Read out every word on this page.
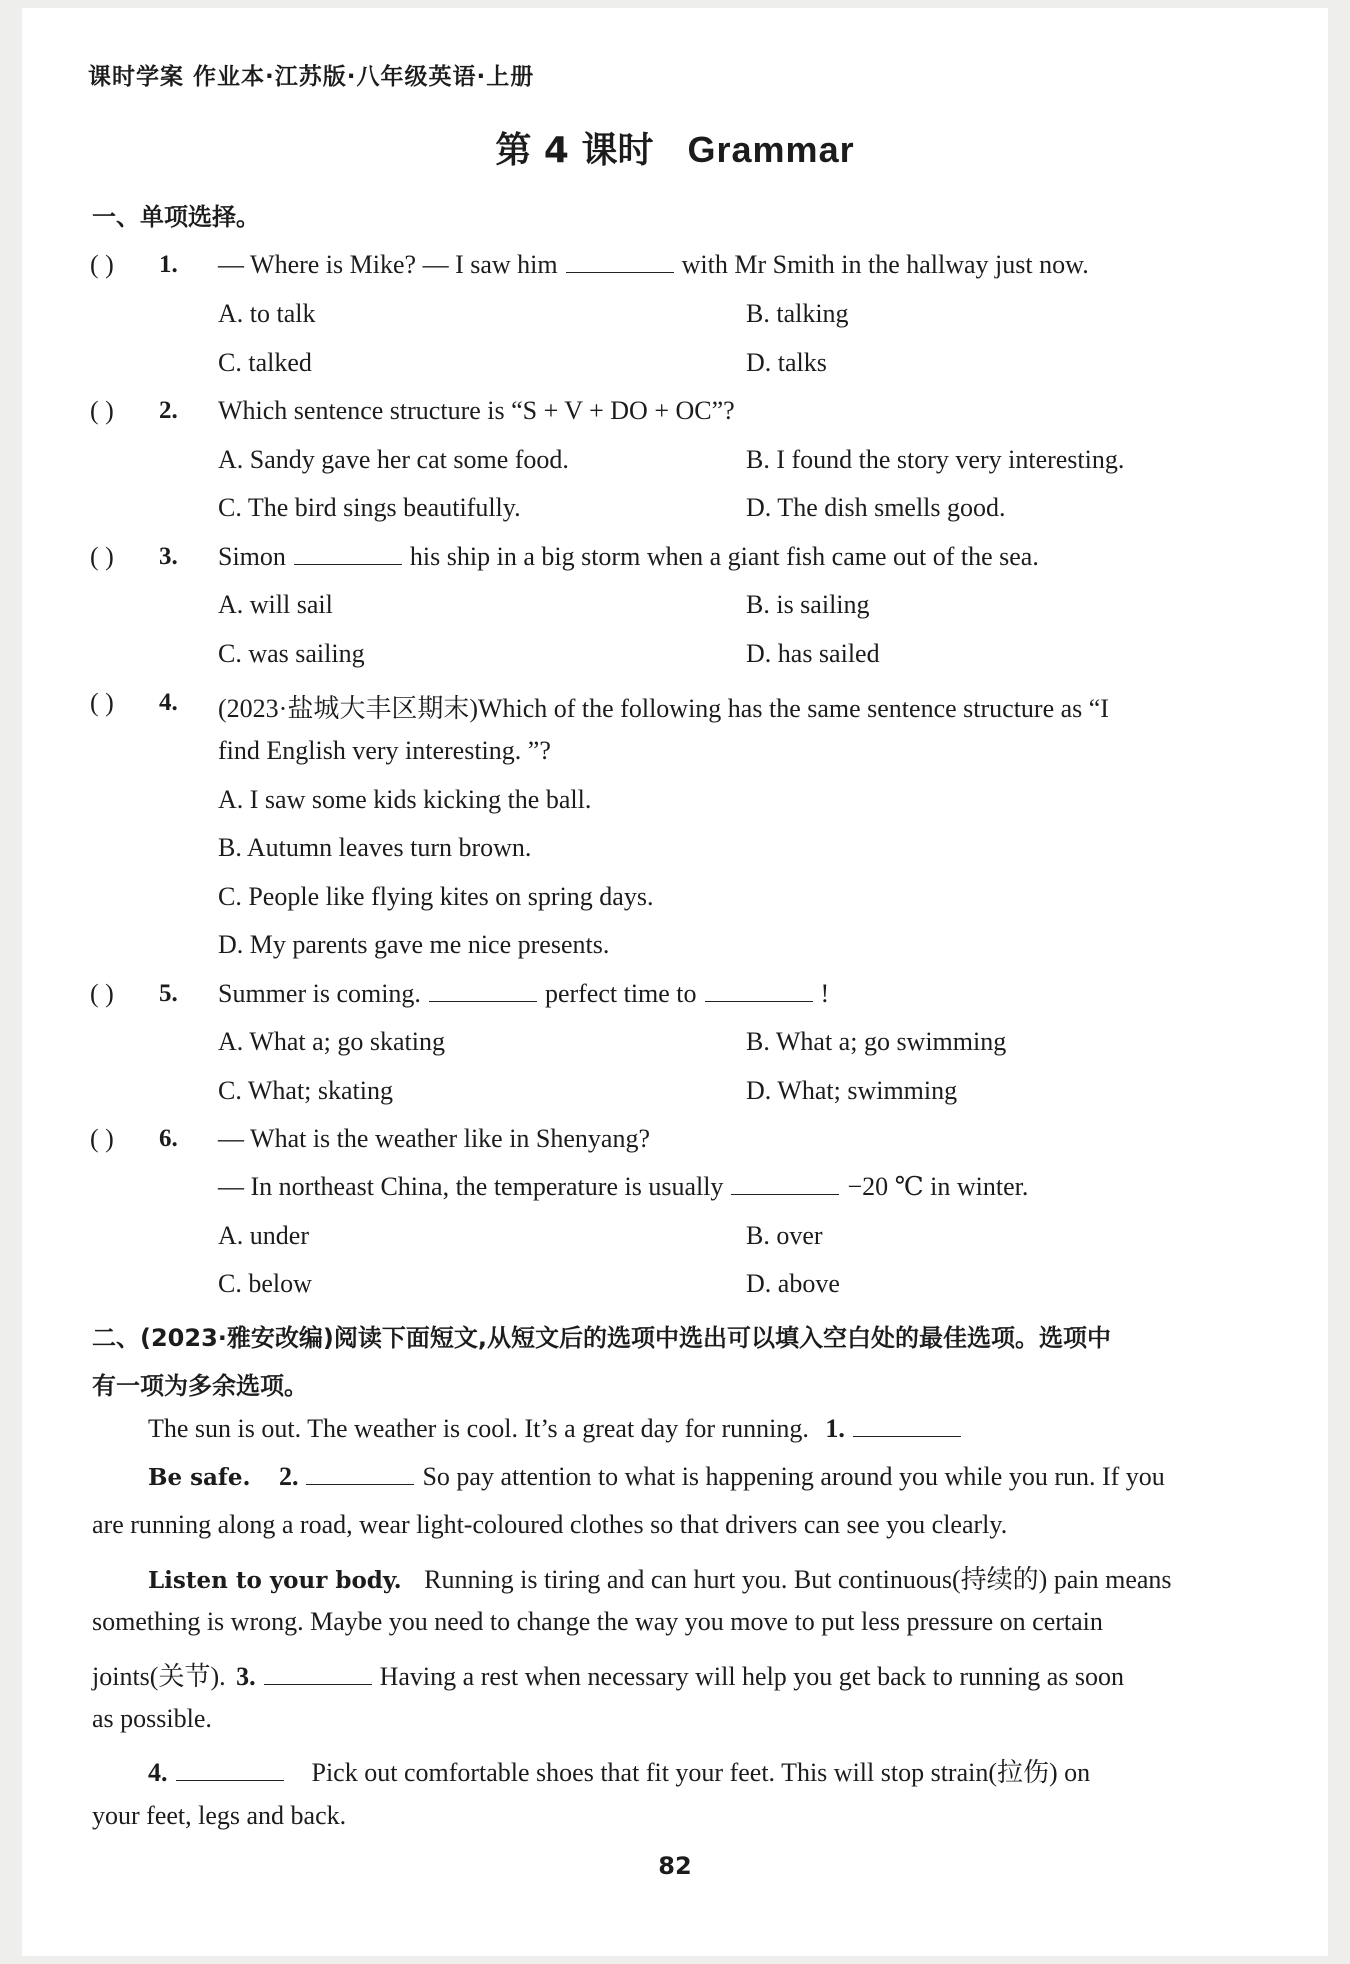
课时学案 作业本·江苏版·八年级英语·上册
第 4 课时 Grammar
一、单项选择。
( ) 1. — Where is Mike? — I saw him	with Mr Smith in the hallway just now.
A. to talk	B. talking
C. talked	D. talks
( ) 2. Which sentence structure is “S + V + DO + OC”?
A. Sandy gave her cat some food.	B. I found the story very interesting.
C. The bird sings beautifully.	D. The dish smells good.
( ) 3. Simon	his ship in a big storm when a giant fish came out of the sea.
A. will sail	B. is sailing
C. was sailing	D. has sailed
( ) 4. (2023·盐城大丰区期末)Which of the following has the same sentence structure as “I
find English very interesting. ”?
A. I saw some kids kicking the ball.
B. Autumn leaves turn brown.
C. People like flying kites on spring days.
D. My parents gave me nice presents.
( ) 5. Summer is coming.	perfect time to	!
A. What a; go skating	B. What a; go swimming
C. What; skating	D. What; swimming
( ) 6. — What is the weather like in Shenyang?
— In northeast China, the temperature is usually	−20 ℃ in winter.
A. under	B. over
C. below	D. above
二、(2023·雅安改编)阅读下面短文,从短文后的选项中选出可以填入空白处的最佳选项。选项中
有一项为多余选项。
The sun is out. The weather is cool. It’s a great day for running. 1.
Be safe. 2.	So pay attention to what is happening around you while you run. If you
are running along a road, wear light-coloured clothes so that drivers can see you clearly.
Listen to your body. Running is tiring and can hurt you. But continuous(持续的) pain means
something is wrong. Maybe you need to change the way you move to put less pressure on certain
joints(关节). 3.	Having a rest when necessary will help you get back to running as soon
as possible.
4.	Pick out comfortable shoes that fit your feet. This will stop strain(拉伤) on
your feet, legs and back.
82
